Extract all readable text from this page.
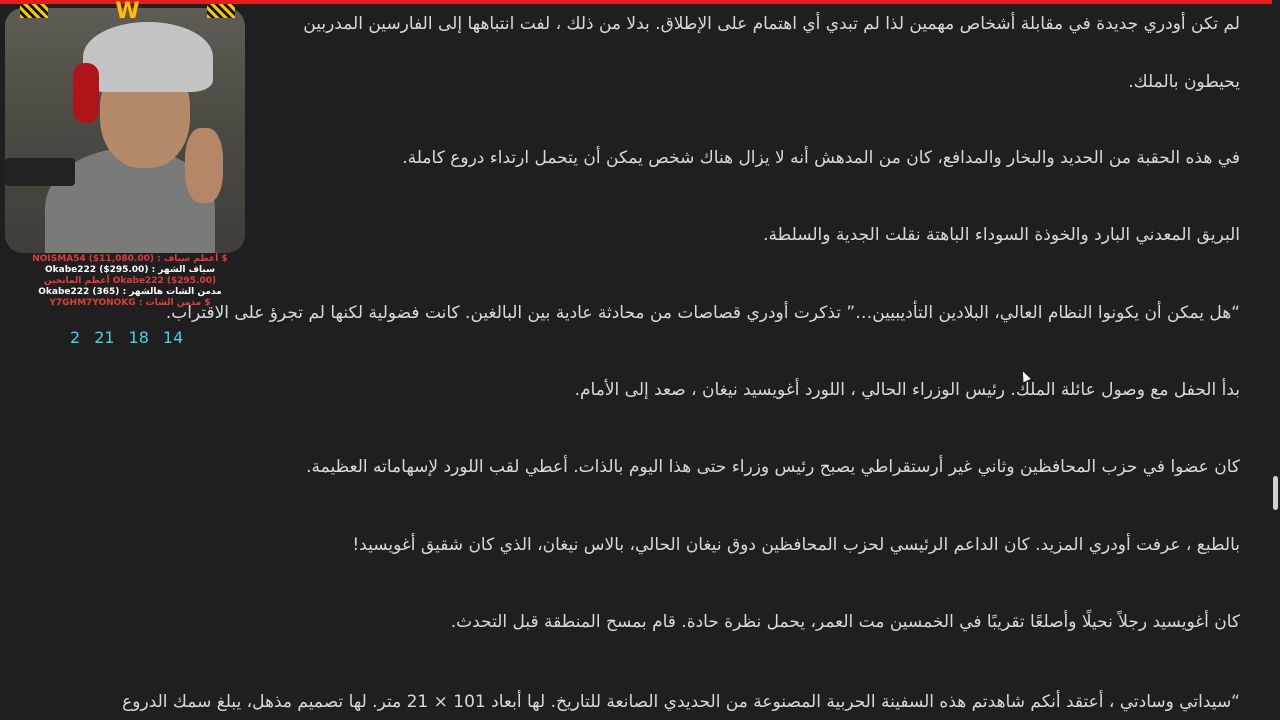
لم تكن أودري جديدة في مقابلة أشخاص مهمين لذا لم تبدي أي اهتمام على الإطلاق. بدلا من ذلك ، لفت انتباهها إلى الفارسين المدربين

يحيطون بالملك.

في هذه الحقبة من الحديد والبخار والمدافع، كان من المدهش أنه لا يزال هناك شخص يمكن أن يتحمل ارتداء دروع كاملة.

البريق المعدني البارد والخوذة السوداء الباهتة نقلت الجدية والسلطة.

“هل يمكن أن يكونوا النظام العالي، البلادين التأديبيين…” تذكرت أودري قصاصات من محادثة عادية بين البالغين. كانت فضولية لكنها لم تجرؤ على الاقتراب.

بدأ الحفل مع وصول عائلة الملك. رئيس الوزراء الحالي ، اللورد أغويسيد نيغان ، صعد إلى الأمام.

كان عضوا في حزب المحافظين وثاني غير أرستقراطي يصبح رئيس وزراء حتى هذا اليوم بالذات. أعطي لقب اللورد لإسهاماته العظيمة.

بالطبع ، عرفت أودري المزيد. كان الداعم الرئيسي لحزب المحافظين دوق نيغان الحالي، بالاس نيغان، الذي كان شقيق أغويسيد!

كان أغويسيد رجلاً نحيلًا وأصلعًا تقريبًا في الخمسين مت العمر، يحمل نظرة حادة. قام بمسح المنطقة قبل التحدث.

“سيداتي وسادتي ، أعتقد أنكم شاهدتم هذه السفينة الحربية المصنوعة من الحديدي الصانعة للتاريخ. لها أبعاد 101 × 21 متر. لها تصميم مذهل، يبلغ سمك الدروع

W
$ أعظم سياف : NOISMA54 ($11,080.00)
سياف الشهر : Okabe222 ($295.00)
Okabe222 ($295.00) أعظم المانحين
مدمن الشات هالشهر : Okabe222 (365)
$ مدمن الشات : Y7GHM7YONOKG
2 21 18 14
